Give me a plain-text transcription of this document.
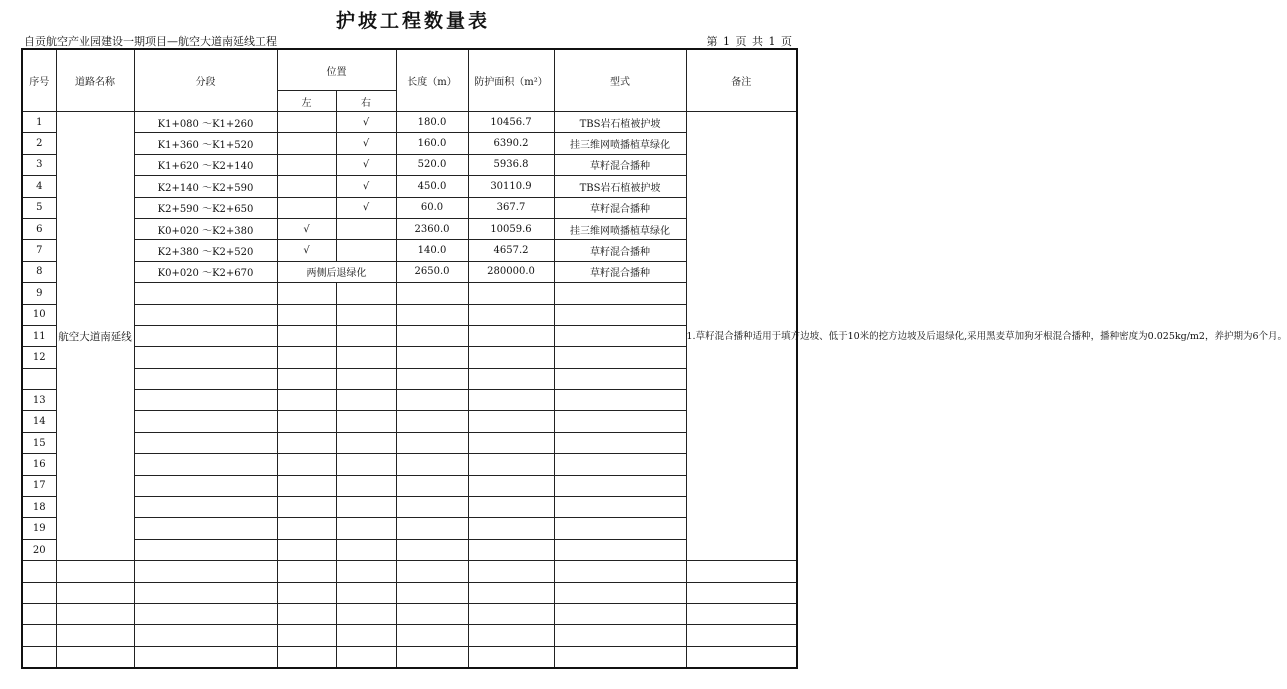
护坡工程数量表
自贡航空产业园建设一期项目—航空大道南延线工程	第 1 页 共 1 页
序号	道路名称	分段	位置		长度（m）	防护面积（m²）	型式	备注
			左	右				
1	航空大道南延线	K1+080 ～K1+260		√	180.0	10456.7	TBS岩石植被护坡	1.草籽混合播种适用于填方边坡、低于10米的挖方边坡及后退绿化,采用黑麦草加狗牙根混合播种，播种密度为0.025kg/m2，养护期为6个月。
2		K1+360 ～K1+520		√	160.0	6390.2	挂三维网喷播植草绿化	
3		K1+620 ～K2+140		√	520.0	5936.8	草籽混合播种	
4		K2+140 ～K2+590		√	450.0	30110.9	TBS岩石植被护坡	
5		K2+590 ～K2+650		√	60.0	367.7	草籽混合播种	
6		K0+020 ～K2+380	√		2360.0	10059.6	挂三维网喷播植草绿化	
7		K2+380 ～K2+520	√		140.0	4657.2	草籽混合播种	
8		K0+020 ～K2+670	两侧后退绿化		2650.0	280000.0	草籽混合播种	
9								
10								
11								
12								

13								
14								
15								
16								
17								
18								
19								
20								
